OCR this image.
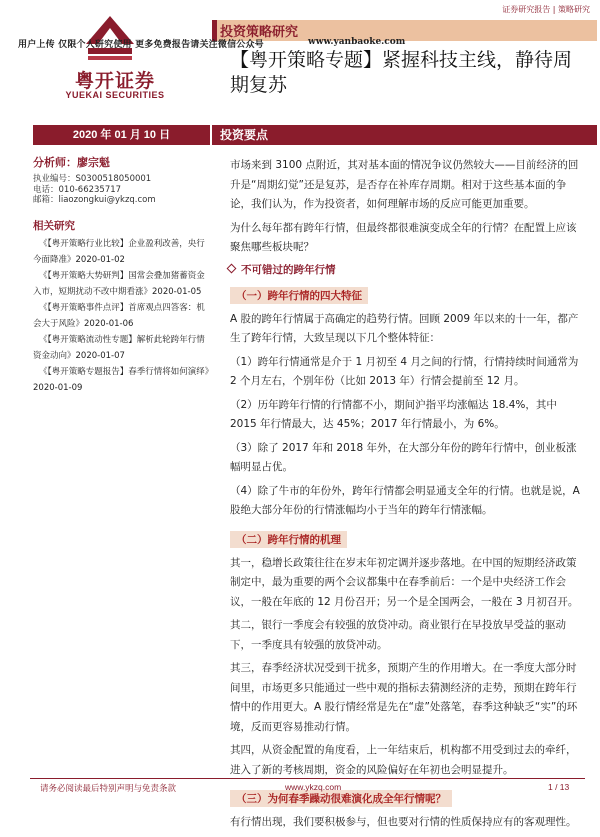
证券研究报告 | 策略研究
粤开证券
YUEKAI SECURITIES
投资策略研究
用户上传 仅限个人研究使用 更多免费报告请关注微信公众号	www.yanbaoke.com
【粤开策略专题】紧握科技主线，静待周期复苏
2020 年 01 月 10 日	投资要点
分析师：廖宗魁
执业编号：S0300518050001
电话：010-66235717
邮箱：liaozongkui@ykzq.com
相关研究
《【粤开策略行业比较】企业盈利改善，央行今面降准》2020-01-02
《【粤开策略大势研判】国常会叠加猪蓄资金入市，短期扰动不改中期看涨》2020-01-05
《【粤开策略事件点评】首席观点四答客：机会大于风险》2020-01-06
《【粤开策略流动性专题】解析此轮跨年行情资金动向》2020-01-07
《【粤开策略专题报告】春季行情将如何演绎》2020-01-09

市场来到 3100 点附近，其对基本面的情况争议仍然较大——目前经济的回升是“周期幻觉”还是复苏，是否存在补库存周期。相对于这些基本面的争论，我们认为，作为投资者，如何理解市场的反应可能更加重要。

为什么每年都有跨年行情，但最终都很难演变成全年的行情？在配置上应该聚焦哪些板块呢？

不可错过的跨年行情
（一）跨年行情的四大特征

A 股的跨年行情属于高确定的趋势行情。回顾 2009 年以来的十一年，都产生了跨年行情，大致呈现以下几个整体特征：

（1）跨年行情通常是介于 1 月初至 4 月之间的行情，行情持续时间通常为 2 个月左右，个别年份（比如 2013 年）行情会提前至 12 月。

（2）历年跨年行情的行情都不小，期间沪指平均涨幅达 18.4%，其中 2015 年行情最大，达 45%；2017 年行情最小，为 6%。

（3）除了 2017 年和 2018 年外，在大部分年份的跨年行情中，创业板涨幅明显占优。

（4）除了牛市的年份外，跨年行情都会明显通支全年的行情。也就是说，A 股绝大部分年份的行情涨幅均小于当年的跨年行情涨幅。

（二）跨年行情的机理

其一，稳增长政策往往在岁末年初定调并逐步落地。在中国的短期经济政策制定中，最为重要的两个会议都集中在春季前后：一个是中央经济工作会议，一般在年底的 12 月份召开；另一个是全国两会，一般在 3 月初召开。

其二，银行一季度会有较强的放贷冲动。商业银行在早投放早受益的驱动下，一季度具有较强的放贷冲动。

其三，春季经济状况受到干扰多，预期产生的作用增大。在一季度大部分时间里，市场更多只能通过一些中观的指标去猜测经济的走势，预期在跨年行情中的作用更大。A 股行情经常是先在“虚”处落笔，春季这种缺乏“实”的环境，反而更容易推动行情。

其四，从资金配置的角度看，上一年结束后，机构都不用受到过去的牵纤，进入了新的考核周期，资金的风险偏好在年初也会明显提升。

（三）为何春季躁动很难演化成全年行情呢？

有行情出现，我们要积极参与，但也要对行情的性质保持应有的客观理性。

请务必阅读最后特别声明与免责条款	www.ykzq.com	1 / 13
